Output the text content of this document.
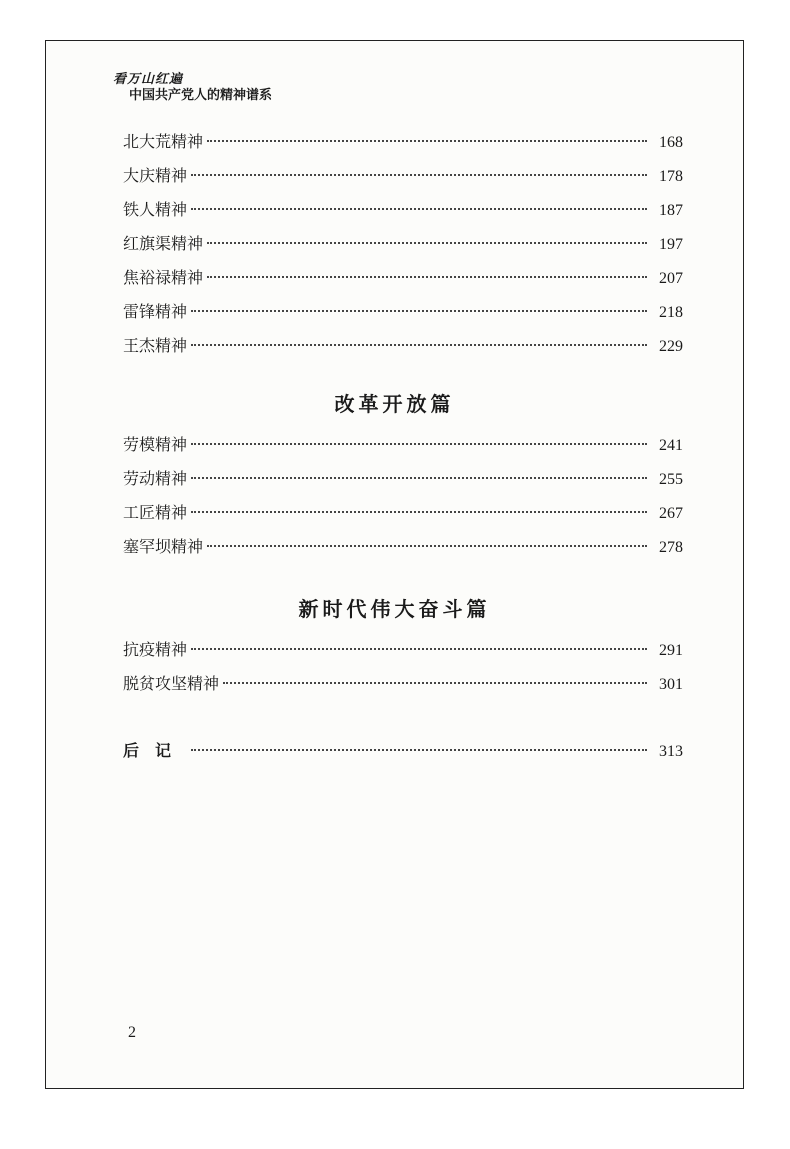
看万山红遍
中国共产党人的精神谱系
北大荒精神	168
大庆精神	178
铁人精神	187
红旗渠精神	197
焦裕禄精神	207
雷锋精神	218
王杰精神	229
改革开放篇
劳模精神	241
劳动精神	255
工匠精神	267
塞罕坝精神	278
新时代伟大奋斗篇
抗疫精神	291
脱贫攻坚精神	301
后记	313
2
